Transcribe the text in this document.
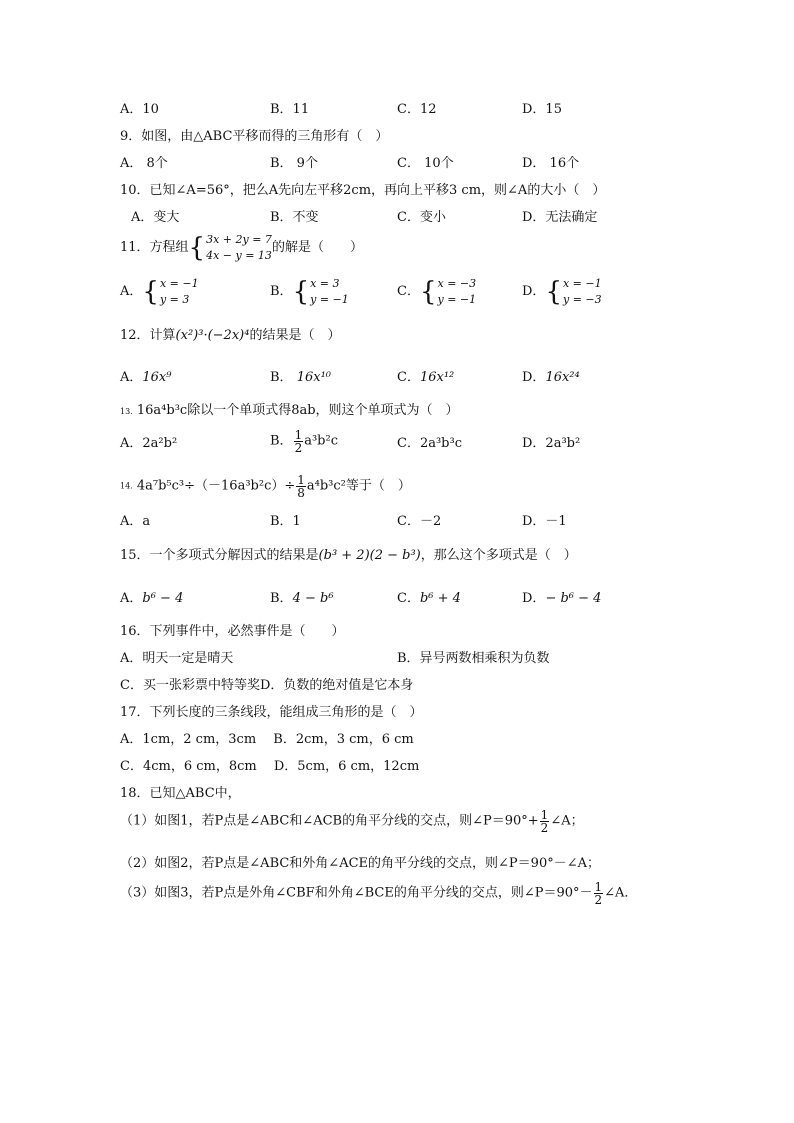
A．10	B．11	C．12	D．15
9．如图，由△ABC平移而得的三角形有（　）
A． 8个	B． 9个	C． 10个	D． 16个
10．已知∠A=56°，把么A先向左平移2cm，再向上平移3 cm，则∠A的大小（　）
A．变大	B．不变	C．变小	D．无法确定
11．方程组{ 3x + 2y = 7
4x − y = 13
的解是（　　）
A．{ x = −1
y = 3
B．{ x = 3
y = −1
C．{ x = −3
y = −1
D．{ x = −1
y = −3
12．计算(x²)³·(−2x)⁴的结果是（　）
A．16x⁹	B． 16x¹⁰	C．16x¹²	D．16x²⁴
13. 16a⁴b³c除以一个单项式得8ab，则这个单项式为（　）
A．2a²b²	B． $\frac{1}{2} a^3b^2c$	C．2a³b³c	D．2a³b²
14. $4a^7b^5c^3\div(-16a^3b^2c)\div \frac{1}{8} a^4b^3c^2$等于（　）
A．a	B．1	C．－2	D．－1
15．一个多项式分解因式的结果是(b³ + 2)(2 − b³)，那么这个多项式是（　）
A．b⁶ − 4	B．4 − b⁶	C．b⁶ + 4	D．− b⁶ − 4
16．下列事件中，必然事件是（　　）
A．明天一定是晴天	B．异号两数相乘积为负数
C．买一张彩票中特等奖D．负数的绝对值是它本身
17．下列长度的三条线段，能组成三角形的是（　）
A．1cm，2 cm，3cm　 B．2cm，3 cm，6 cm
C．4cm，6 cm，8cm　 D．5cm，6 cm，12cm
18．已知△ABC中，
（1）如图1，若P点是∠ABC和∠ACB的角平分线的交点，则∠P＝90°+ $\frac{1}{2}$ ∠A；
（2）如图2，若P点是∠ABC和外角∠ACE的角平分线的交点，则∠P＝90°－∠A；
（3）如图3，若P点是外角∠CBF和外角∠BCE的角平分线的交点，则∠P＝90°－ $\frac{1}{2}$ ∠A．
